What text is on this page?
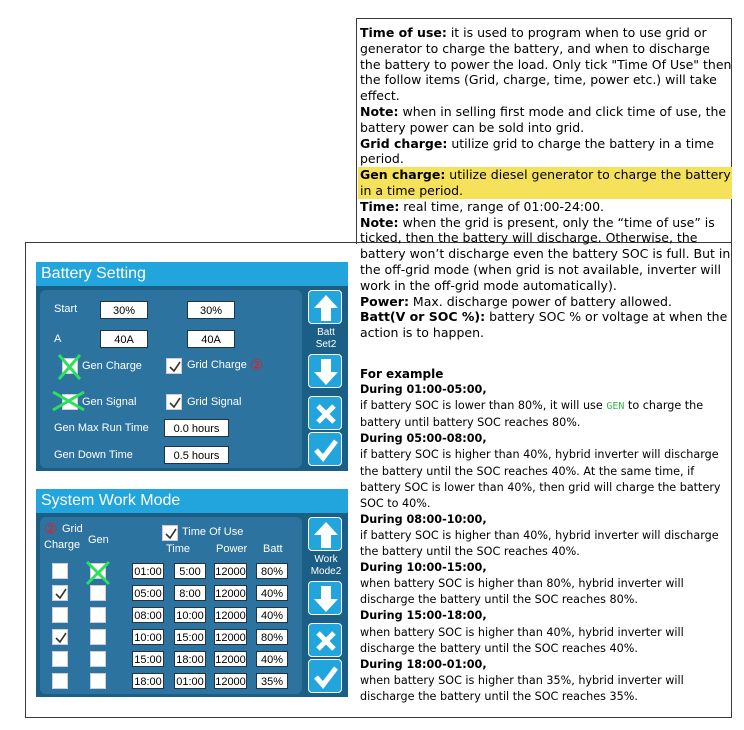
Battery Setting
Start	30%	30%
A	40A	40A
Gen Charge	Grid Charge ②
Gen Signal	Grid Signal
Gen Max Run Time	0.0 hours
Gen Down Time	0.5 hours
Batt
Set2
System Work Mode
② Grid
Charge Gen
Time Of Use
Time Power Batt
01:00	5:00	12000	80%
05:00	8:00	12000	40%
08:00 10:00 12000	40%
10:00 15:00 12000	80%
15:00 18:00 12000	40%
18:00 01:00 12000	35%
Work
Mode2
Time of use: it is used to program when to use grid or generator to charge the battery, and when to discharge the battery to power the load. Only tick "Time Of Use" then the follow items (Grid, charge, time, power etc.) will take effect.
Note: when in selling first mode and click time of use, the battery power can be sold into grid.
Grid charge: utilize grid to charge the battery in a time period.
Gen charge: utilize diesel generator to charge the battery in a time period.
Time: real time, range of 01:00-24:00.
Note: when the grid is present, only the “time of use” is ticked, then the battery will discharge. Otherwise, the battery won’t discharge even the battery SOC is full. But in the off-grid mode (when grid is not available, inverter will work in the off-grid mode automatically).
Power: Max. discharge power of battery allowed.
Batt(V or SOC %): battery SOC % or voltage at when the action is to happen.
For example
During 01:00-05:00,
if battery SOC is lower than 80%, it will use GEN to charge the battery until battery SOC reaches 80%.
During 05:00-08:00,
if battery SOC is higher than 40%, hybrid inverter will discharge the battery until the SOC reaches 40%. At the same time, if battery SOC is lower than 40%, then grid will charge the battery SOC to 40%.
During 08:00-10:00,
if battery SOC is higher than 40%, hybrid inverter will discharge the battery until the SOC reaches 40%.
During 10:00-15:00,
when battery SOC is higher than 80%, hybrid inverter will discharge the battery until the SOC reaches 80%.
During 15:00-18:00,
when battery SOC is higher than 40%, hybrid inverter will discharge the battery until the SOC reaches 40%.
During 18:00-01:00,
when battery SOC is higher than 35%, hybrid inverter will discharge the battery until the SOC reaches 35%.
